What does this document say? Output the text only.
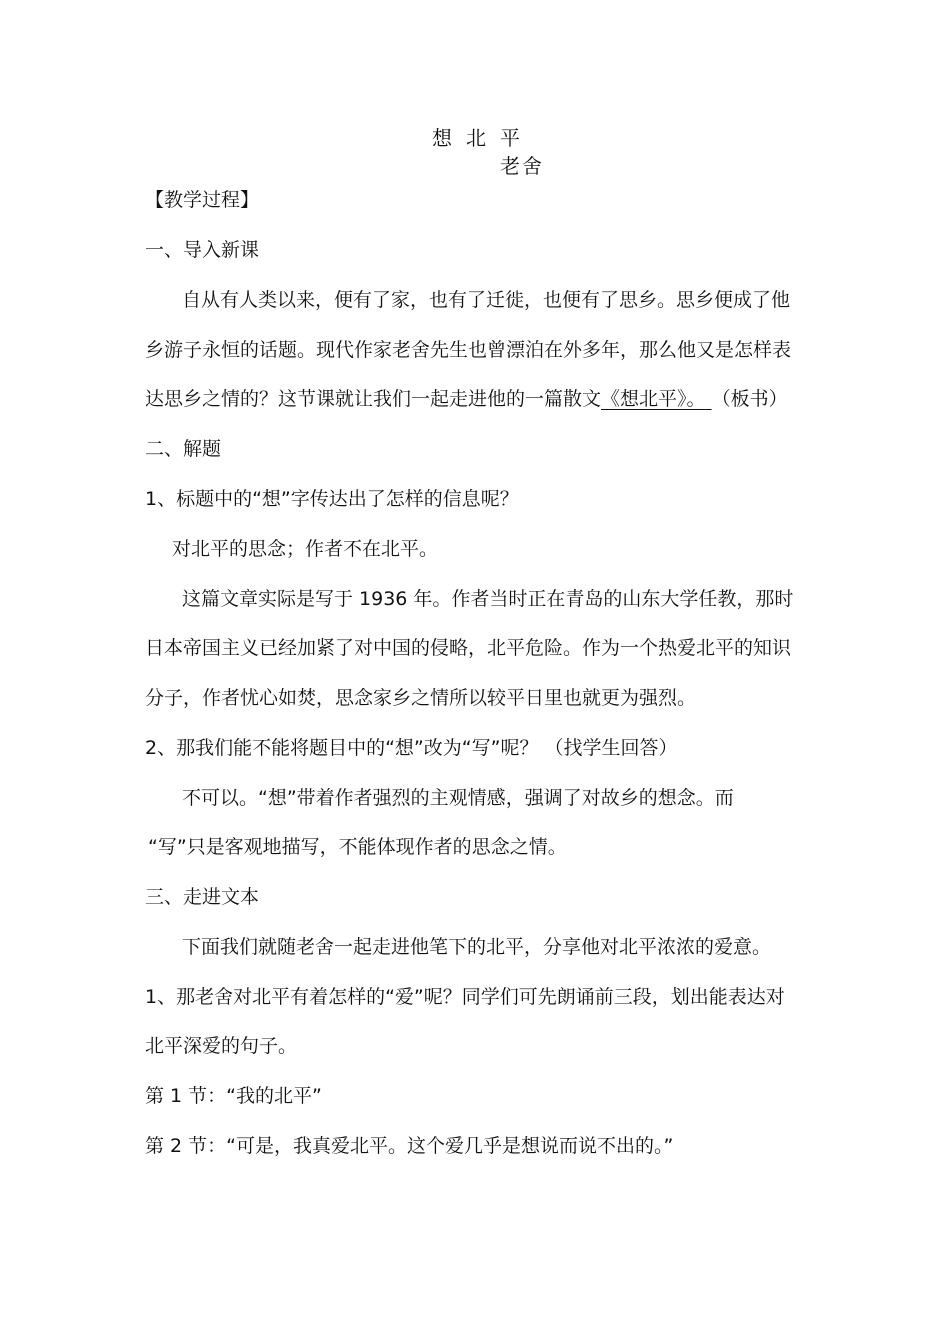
想北平
老舍
【教学过程】
一、导入新课
自从有人类以来，便有了家，也有了迁徙，也便有了思乡。思乡便成了他
乡游子永恒的话题。现代作家老舍先生也曾漂泊在外多年，那么他又是怎样表
达思乡之情的？这节课就让我们一起走进他的一篇散文《想北平》。 （板书）
二、解题
1、标题中的“想”字传达出了怎样的信息呢？
对北平的思念；作者不在北平。
这篇文章实际是写于 1936 年。作者当时正在青岛的山东大学任教，那时
日本帝国主义已经加紧了对中国的侵略，北平危险。作为一个热爱北平的知识
分子，作者忧心如焚，思念家乡之情所以较平日里也就更为强烈。
2、那我们能不能将题目中的“想”改为“写”呢？ （找学生回答）
不可以。“想”带着作者强烈的主观情感，强调了对故乡的想念。而
“写”只是客观地描写，不能体现作者的思念之情。
三、走进文本
下面我们就随老舍一起走进他笔下的北平，分享他对北平浓浓的爱意。
1、那老舍对北平有着怎样的“爱”呢？同学们可先朗诵前三段，划出能表达对
北平深爱的句子。
第 1 节：“我的北平”
第 2 节：“可是，我真爱北平。这个爱几乎是想说而说不出的。”
